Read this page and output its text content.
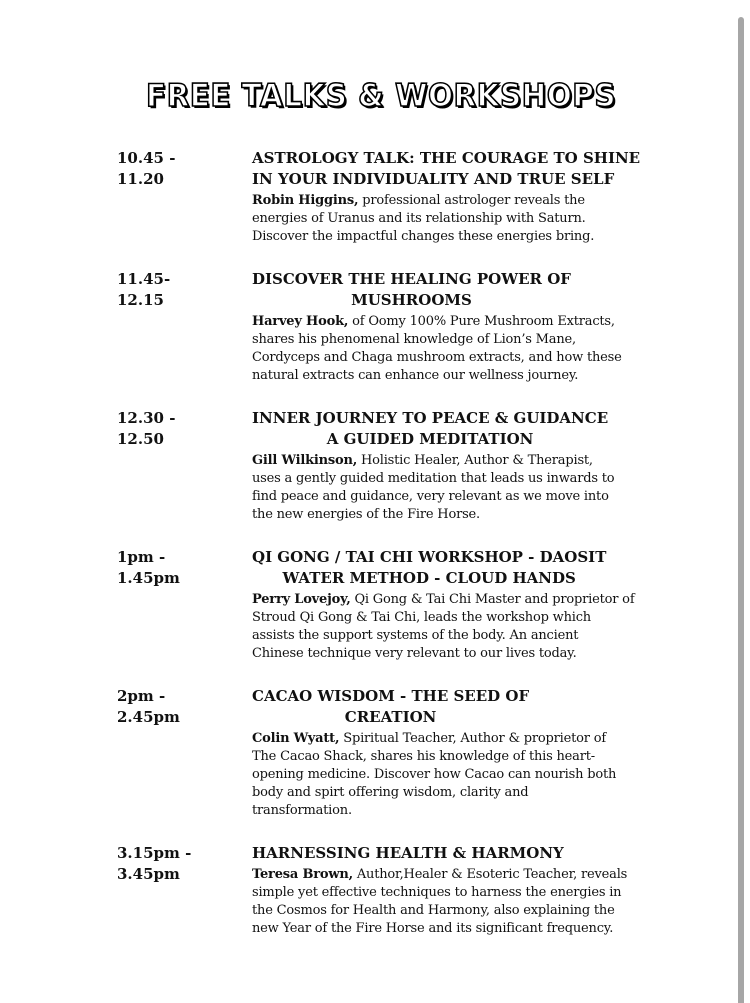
FREE TALKS & WORKSHOPS
10.45 -
11.20
ASTROLOGY TALK: THE COURAGE TO SHINE
IN YOUR INDIVIDUALITY AND TRUE SELF
Robin Higgins, professional astrologer reveals the
energies of Uranus and its relationship with Saturn.
Discover the impactful changes these energies bring.
11.45-
12.15
DISCOVER THE HEALING POWER OF
MUSHROOMS
Harvey Hook, of Oomy 100% Pure Mushroom Extracts,
shares his phenomenal knowledge of Lion’s Mane,
Cordyceps and Chaga mushroom extracts, and how these
natural extracts can enhance our wellness journey.
12.30 -
12.50
INNER JOURNEY TO PEACE & GUIDANCE
A GUIDED MEDITATION
Gill Wilkinson, Holistic Healer, Author & Therapist,
uses a gently guided meditation that leads us inwards to
find peace and guidance, very relevant as we move into
the new energies of the Fire Horse.
1pm -
1.45pm
QI GONG / TAI CHI WORKSHOP - DAOSIT
WATER METHOD - CLOUD HANDS
Perry Lovejoy, Qi Gong & Tai Chi Master and proprietor of
Stroud Qi Gong & Tai Chi, leads the workshop which
assists the support systems of the body. An ancient
Chinese technique very relevant to our lives today.
2pm -
2.45pm
CACAO WISDOM - THE SEED OF
CREATION
Colin Wyatt, Spiritual Teacher, Author & proprietor of
The Cacao Shack, shares his knowledge of this heart-
opening medicine. Discover how Cacao can nourish both
body and spirt offering wisdom, clarity and
transformation.
3.15pm -
3.45pm
HARNESSING HEALTH & HARMONY
Teresa Brown, Author,Healer & Esoteric Teacher, reveals
simple yet effective techniques to harness the energies in
the Cosmos for Health and Harmony, also explaining the
new Year of the Fire Horse and its significant frequency.
